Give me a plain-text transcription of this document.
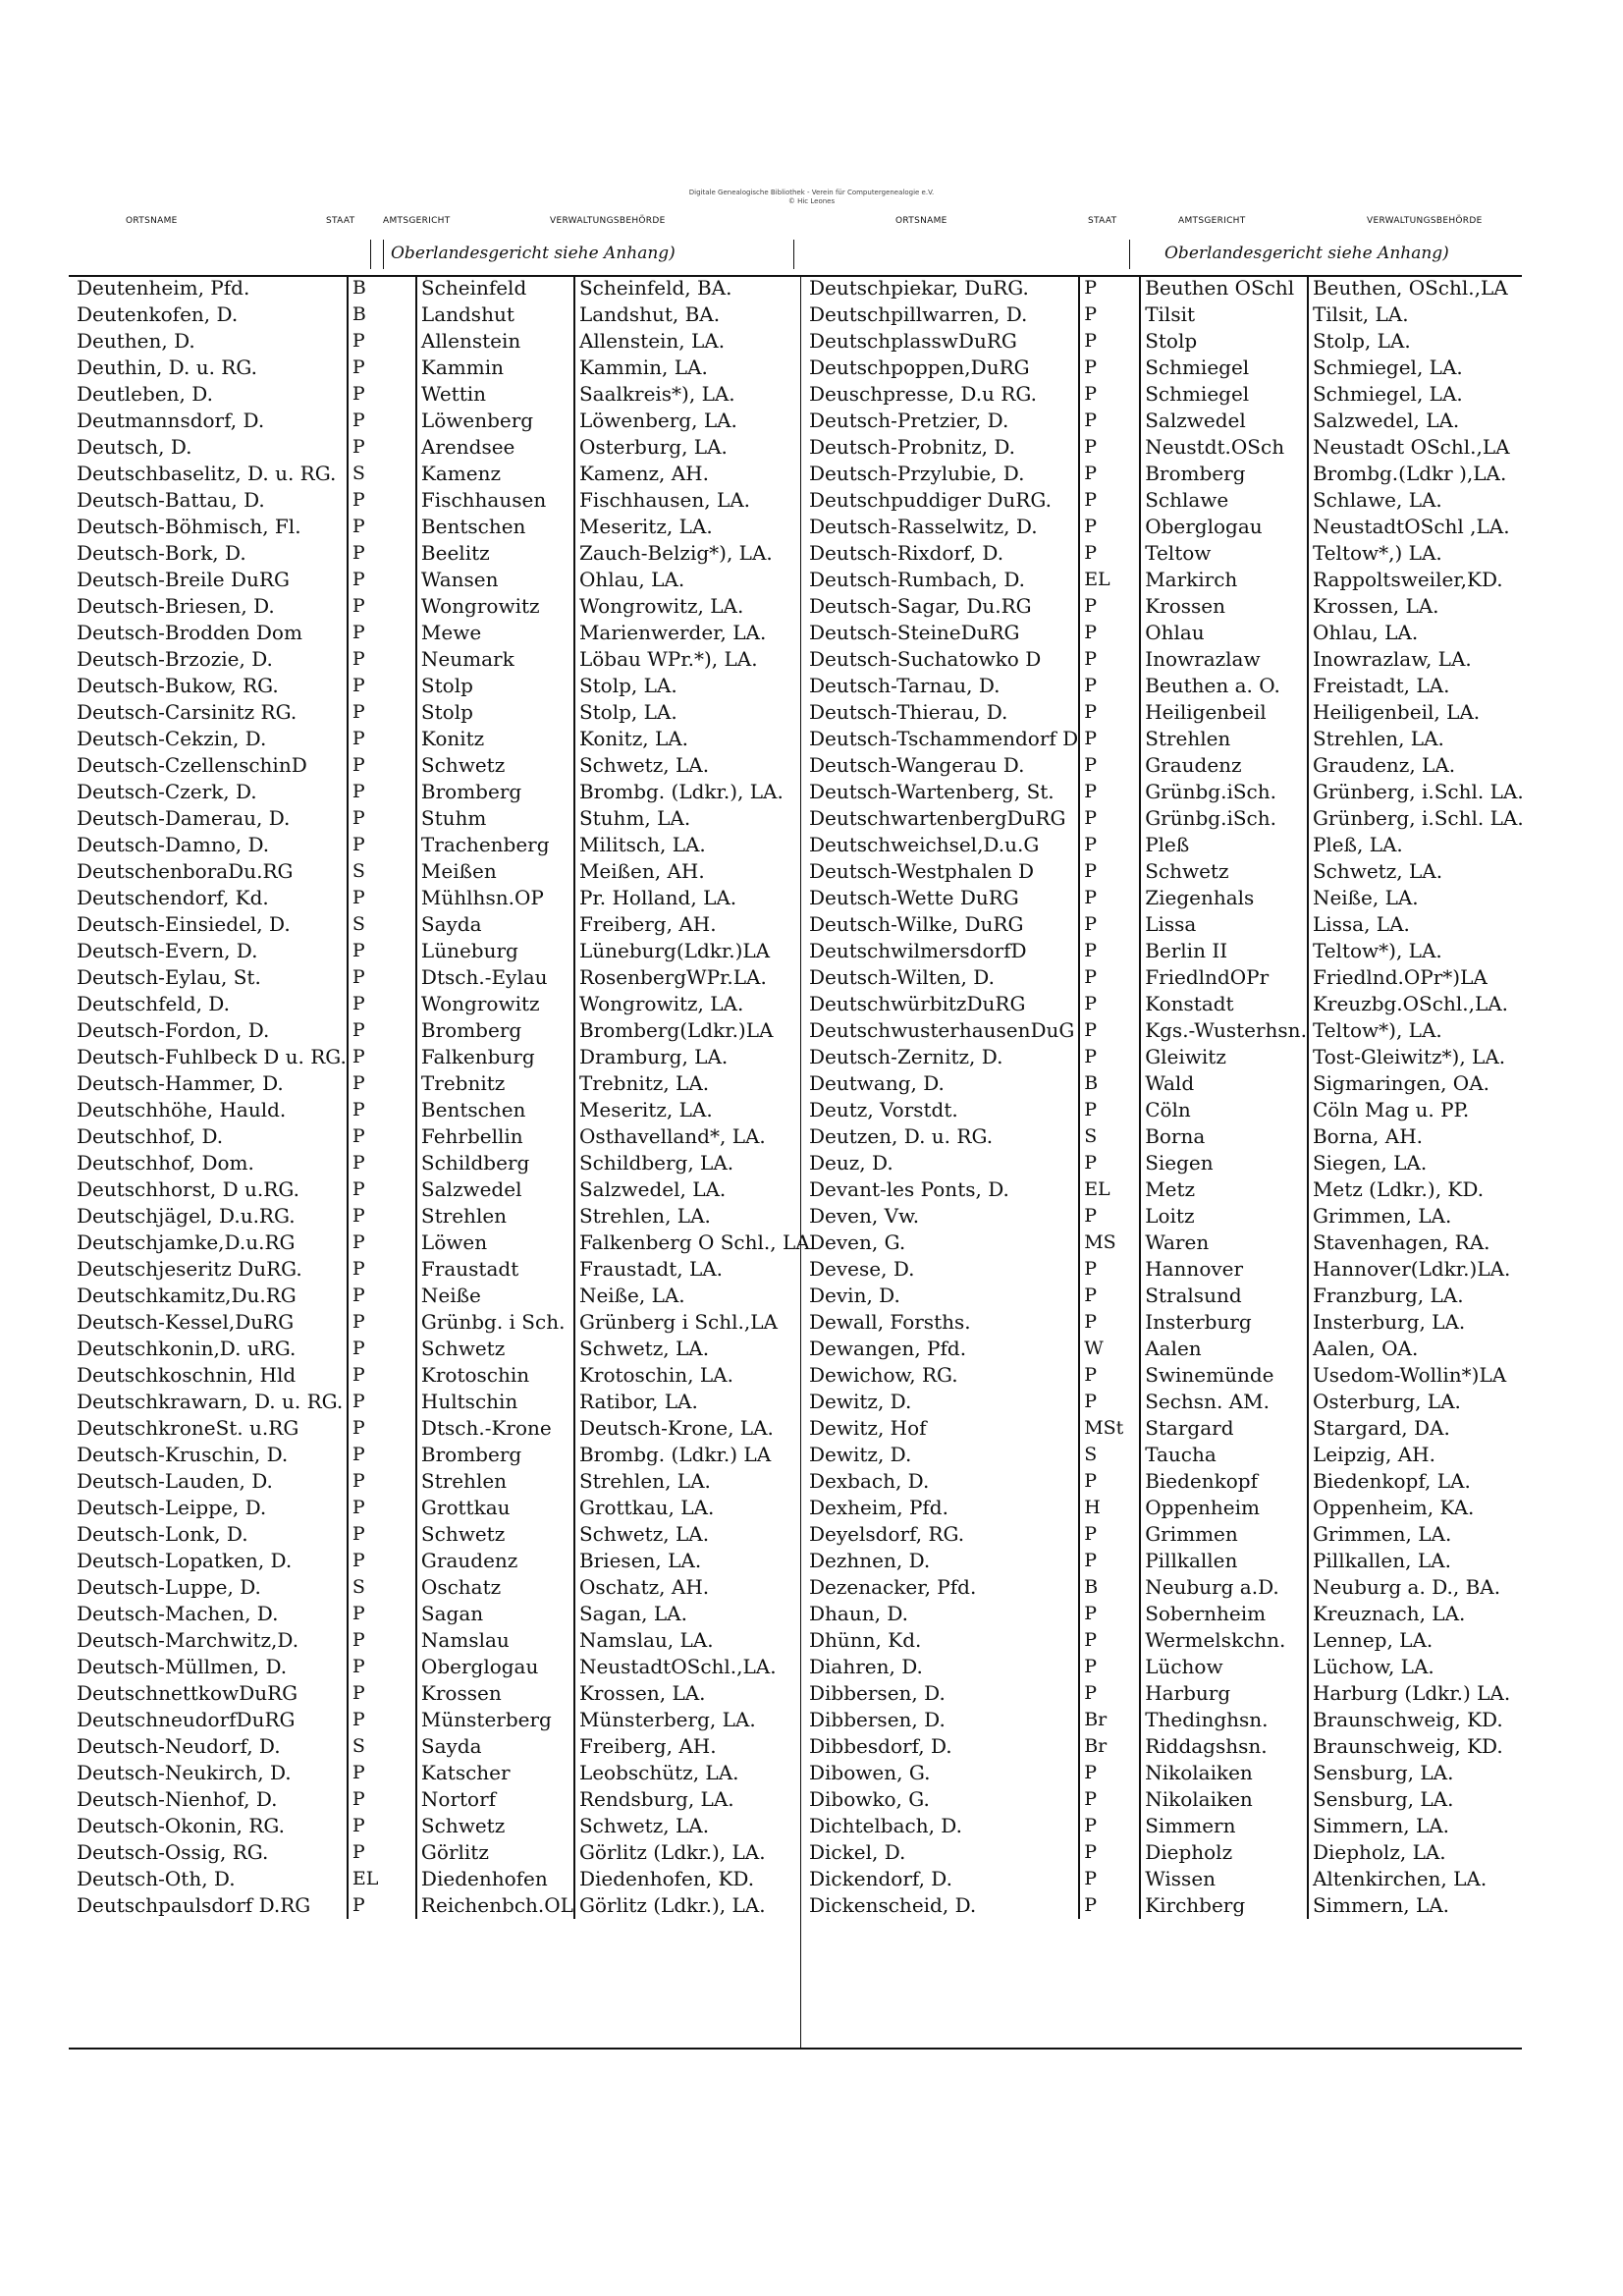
Digitale Genealogische Bibliothek - Verein für Computergenealogie e.V.
© Hic Leones
ORTSNAME	STAAT	AMTSGERICHT	VERWALTUNGSBEHÖRDE	ORTSNAME	STAAT	AMTSGERICHT	VERWALTUNGSBEHÖRDE
Oberlandesgericht siehe Anhang)	Oberlandesgericht siehe Anhang)
Deutenheim, Pfd.	B	Scheinfeld	Scheinfeld, BA.
Deutenkofen, D.	B	Landshut	Landshut, BA.
Deuthen, D.	P	Allenstein	Allenstein, LA.
Deuthin, D. u. RG.	P	Kammin	Kammin, LA.
Deutleben, D.	P	Wettin	Saalkreis*), LA.
Deutmannsdorf, D.	P	Löwenberg	Löwenberg, LA.
Deutsch, D.	P	Arendsee	Osterburg, LA.
Deutschbaselitz, D. u. RG.	S	Kamenz	Kamenz, AH.
Deutsch-Battau, D.	P	Fischhausen	Fischhausen, LA.
Deutsch-Böhmisch, Fl.	P	Bentschen	Meseritz, LA.
Deutsch-Bork, D.	P	Beelitz	Zauch-Belzig*), LA.
Deutsch-Breile DuRG	P	Wansen	Ohlau, LA.
Deutsch-Briesen, D.	P	Wongrowitz	Wongrowitz, LA.
Deutsch-Brodden Dom	P	Mewe	Marienwerder, LA.
Deutsch-Brzozie, D.	P	Neumark	Löbau WPr.*), LA.
Deutsch-Bukow, RG.	P	Stolp	Stolp, LA.
Deutsch-Carsinitz RG.	P	Stolp	Stolp, LA.
Deutsch-Cekzin, D.	P	Konitz	Konitz, LA.
Deutsch-CzellenschinD	P	Schwetz	Schwetz, LA.
Deutsch-Czerk, D.	P	Bromberg	Brombg. (Ldkr.), LA.
Deutsch-Damerau, D.	P	Stuhm	Stuhm, LA.
Deutsch-Damno, D.	P	Trachenberg	Militsch, LA.
DeutschenboraDu.RG	S	Meißen	Meißen, AH.
Deutschendorf, Kd.	P	Mühlhsn.OP	Pr. Holland, LA.
Deutsch-Einsiedel, D.	S	Sayda	Freiberg, AH.
Deutsch-Evern, D.	P	Lüneburg	Lüneburg(Ldkr.)LA
Deutsch-Eylau, St.	P	Dtsch.-Eylau	RosenbergWPr.LA.
Deutschfeld, D.	P	Wongrowitz	Wongrowitz, LA.
Deutsch-Fordon, D.	P	Bromberg	Bromberg(Ldkr.)LA
Deutsch-Fuhlbeck D u. RG.	P	Falkenburg	Dramburg, LA.
Deutsch-Hammer, D.	P	Trebnitz	Trebnitz, LA.
Deutschhöhe, Hauld.	P	Bentschen	Meseritz, LA.
Deutschhof, D.	P	Fehrbellin	Osthavelland*, LA.
Deutschhof, Dom.	P	Schildberg	Schildberg, LA.
Deutschhorst, D u.RG.	P	Salzwedel	Salzwedel, LA.
Deutschjägel, D.u.RG.	P	Strehlen	Strehlen, LA.
Deutschjamke,D.u.RG	P	Löwen	Falkenberg O Schl., LA.
Deutschjeseritz DuRG.	P	Fraustadt	Fraustadt, LA.
Deutschkamitz,Du.RG	P	Neiße	Neiße, LA.
Deutsch-Kessel,DuRG	P	Grünbg. i Sch.	Grünberg i Schl.,LA
Deutschkonin,D. uRG.	P	Schwetz	Schwetz, LA.
Deutschkoschnin, Hld	P	Krotoschin	Krotoschin, LA.
Deutschkrawarn, D. u. RG.	P	Hultschin	Ratibor, LA.
DeutschkroneSt. u.RG	P	Dtsch.-Krone	Deutsch-Krone, LA.
Deutsch-Kruschin, D.	P	Bromberg	Brombg. (Ldkr.) LA
Deutsch-Lauden, D.	P	Strehlen	Strehlen, LA.
Deutsch-Leippe, D.	P	Grottkau	Grottkau, LA.
Deutsch-Lonk, D.	P	Schwetz	Schwetz, LA.
Deutsch-Lopatken, D.	P	Graudenz	Briesen, LA.
Deutsch-Luppe, D.	S	Oschatz	Oschatz, AH.
Deutsch-Machen, D.	P	Sagan	Sagan, LA.
Deutsch-Marchwitz,D.	P	Namslau	Namslau, LA.
Deutsch-Müllmen, D.	P	Oberglogau	NeustadtOSchl.,LA.
DeutschnettkowDuRG	P	Krossen	Krossen, LA.
DeutschneudorfDuRG	P	Münsterberg	Münsterberg, LA.
Deutsch-Neudorf, D.	S	Sayda	Freiberg, AH.
Deutsch-Neukirch, D.	P	Katscher	Leobschütz, LA.
Deutsch-Nienhof, D.	P	Nortorf	Rendsburg, LA.
Deutsch-Okonin, RG.	P	Schwetz	Schwetz, LA.
Deutsch-Ossig, RG.	P	Görlitz	Görlitz (Ldkr.), LA.
Deutsch-Oth, D.	EL	Diedenhofen	Diedenhofen, KD.
Deutschpaulsdorf D.RG	P	Reichenbch.OL	Görlitz (Ldkr.), LA.
Deutschpiekar, DuRG.	P	Beuthen OSchl	Beuthen, OSchl.,LA
Deutschpillwarren, D.	P	Tilsit	Tilsit, LA.
DeutschplasswDuRG	P	Stolp	Stolp, LA.
Deutschpoppen,DuRG	P	Schmiegel	Schmiegel, LA.
Deuschpresse, D.u RG.	P	Schmiegel	Schmiegel, LA.
Deutsch-Pretzier, D.	P	Salzwedel	Salzwedel, LA.
Deutsch-Probnitz, D.	P	Neustdt.OSch	Neustadt OSchl.,LA
Deutsch-Przylubie, D.	P	Bromberg	Brombg.(Ldkr ),LA.
Deutschpuddiger DuRG.	P	Schlawe	Schlawe, LA.
Deutsch-Rasselwitz, D.	P	Oberglogau	NeustadtOSchl ,LA.
Deutsch-Rixdorf, D.	P	Teltow	Teltow*,) LA.
Deutsch-Rumbach, D.	EL	Markirch	Rappoltsweiler,KD.
Deutsch-Sagar, Du.RG	P	Krossen	Krossen, LA.
Deutsch-SteineDuRG	P	Ohlau	Ohlau, LA.
Deutsch-Suchatowko D	P	Inowrazlaw	Inowrazlaw, LA.
Deutsch-Tarnau, D.	P	Beuthen a. O.	Freistadt, LA.
Deutsch-Thierau, D.	P	Heiligenbeil	Heiligenbeil, LA.
Deutsch-Tschammendorf D	P	Strehlen	Strehlen, LA.
Deutsch-Wangerau D.	P	Graudenz	Graudenz, LA.
Deutsch-Wartenberg, St.	P	Grünbg.iSch.	Grünberg, i.Schl. LA.
DeutschwartenbergDuRG	P	Grünbg.iSch.	Grünberg, i.Schl. LA.
Deutschweichsel,D.u.G	P	Pleß	Pleß, LA.
Deutsch-Westphalen D	P	Schwetz	Schwetz, LA.
Deutsch-Wette DuRG	P	Ziegenhals	Neiße, LA.
Deutsch-Wilke, DuRG	P	Lissa	Lissa, LA.
DeutschwilmersdorfD	P	Berlin II	Teltow*), LA.
Deutsch-Wilten, D.	P	FriedlndOPr	Friedlnd.OPr*)LA
DeutschwürbitzDuRG	P	Konstadt	Kreuzbg.OSchl.,LA.
DeutschwusterhausenDuG	P	Kgs.-Wusterhsn.	Teltow*), LA.
Deutsch-Zernitz, D.	P	Gleiwitz	Tost-Gleiwitz*), LA.
Deutwang, D.	B	Wald	Sigmaringen, OA.
Deutz, Vorstdt.	P	Cöln	Cöln Mag u. PP.
Deutzen, D. u. RG.	S	Borna	Borna, AH.
Deuz, D.	P	Siegen	Siegen, LA.
Devant-les Ponts, D.	EL	Metz	Metz (Ldkr.), KD.
Deven, Vw.	P	Loitz	Grimmen, LA.
Deven, G.	MS	Waren	Stavenhagen, RA.
Devese, D.	P	Hannover	Hannover(Ldkr.)LA.
Devin, D.	P	Stralsund	Franzburg, LA.
Dewall, Forsths.	P	Insterburg	Insterburg, LA.
Dewangen, Pfd.	W	Aalen	Aalen, OA.
Dewichow, RG.	P	Swinemünde	Usedom-Wollin*)LA
Dewitz, D.	P	Sechsn. AM.	Osterburg, LA.
Dewitz, Hof	MSt	Stargard	Stargard, DA.
Dewitz, D.	S	Taucha	Leipzig, AH.
Dexbach, D.	P	Biedenkopf	Biedenkopf, LA.
Dexheim, Pfd.	H	Oppenheim	Oppenheim, KA.
Deyelsdorf, RG.	P	Grimmen	Grimmen, LA.
Dezhnen, D.	P	Pillkallen	Pillkallen, LA.
Dezenacker, Pfd.	B	Neuburg a.D.	Neuburg a. D., BA.
Dhaun, D.	P	Sobernheim	Kreuznach, LA.
Dhünn, Kd.	P	Wermelskchn.	Lennep, LA.
Diahren, D.	P	Lüchow	Lüchow, LA.
Dibbersen, D.	P	Harburg	Harburg (Ldkr.) LA.
Dibbersen, D.	Br	Thedinghsn.	Braunschweig, KD.
Dibbesdorf, D.	Br	Riddagshsn.	Braunschweig, KD.
Dibowen, G.	P	Nikolaiken	Sensburg, LA.
Dibowko, G.	P	Nikolaiken	Sensburg, LA.
Dichtelbach, D.	P	Simmern	Simmern, LA.
Dickel, D.	P	Diepholz	Diepholz, LA.
Dickendorf, D.	P	Wissen	Altenkirchen, LA.
Dickenscheid, D.	P	Kirchberg	Simmern, LA.
